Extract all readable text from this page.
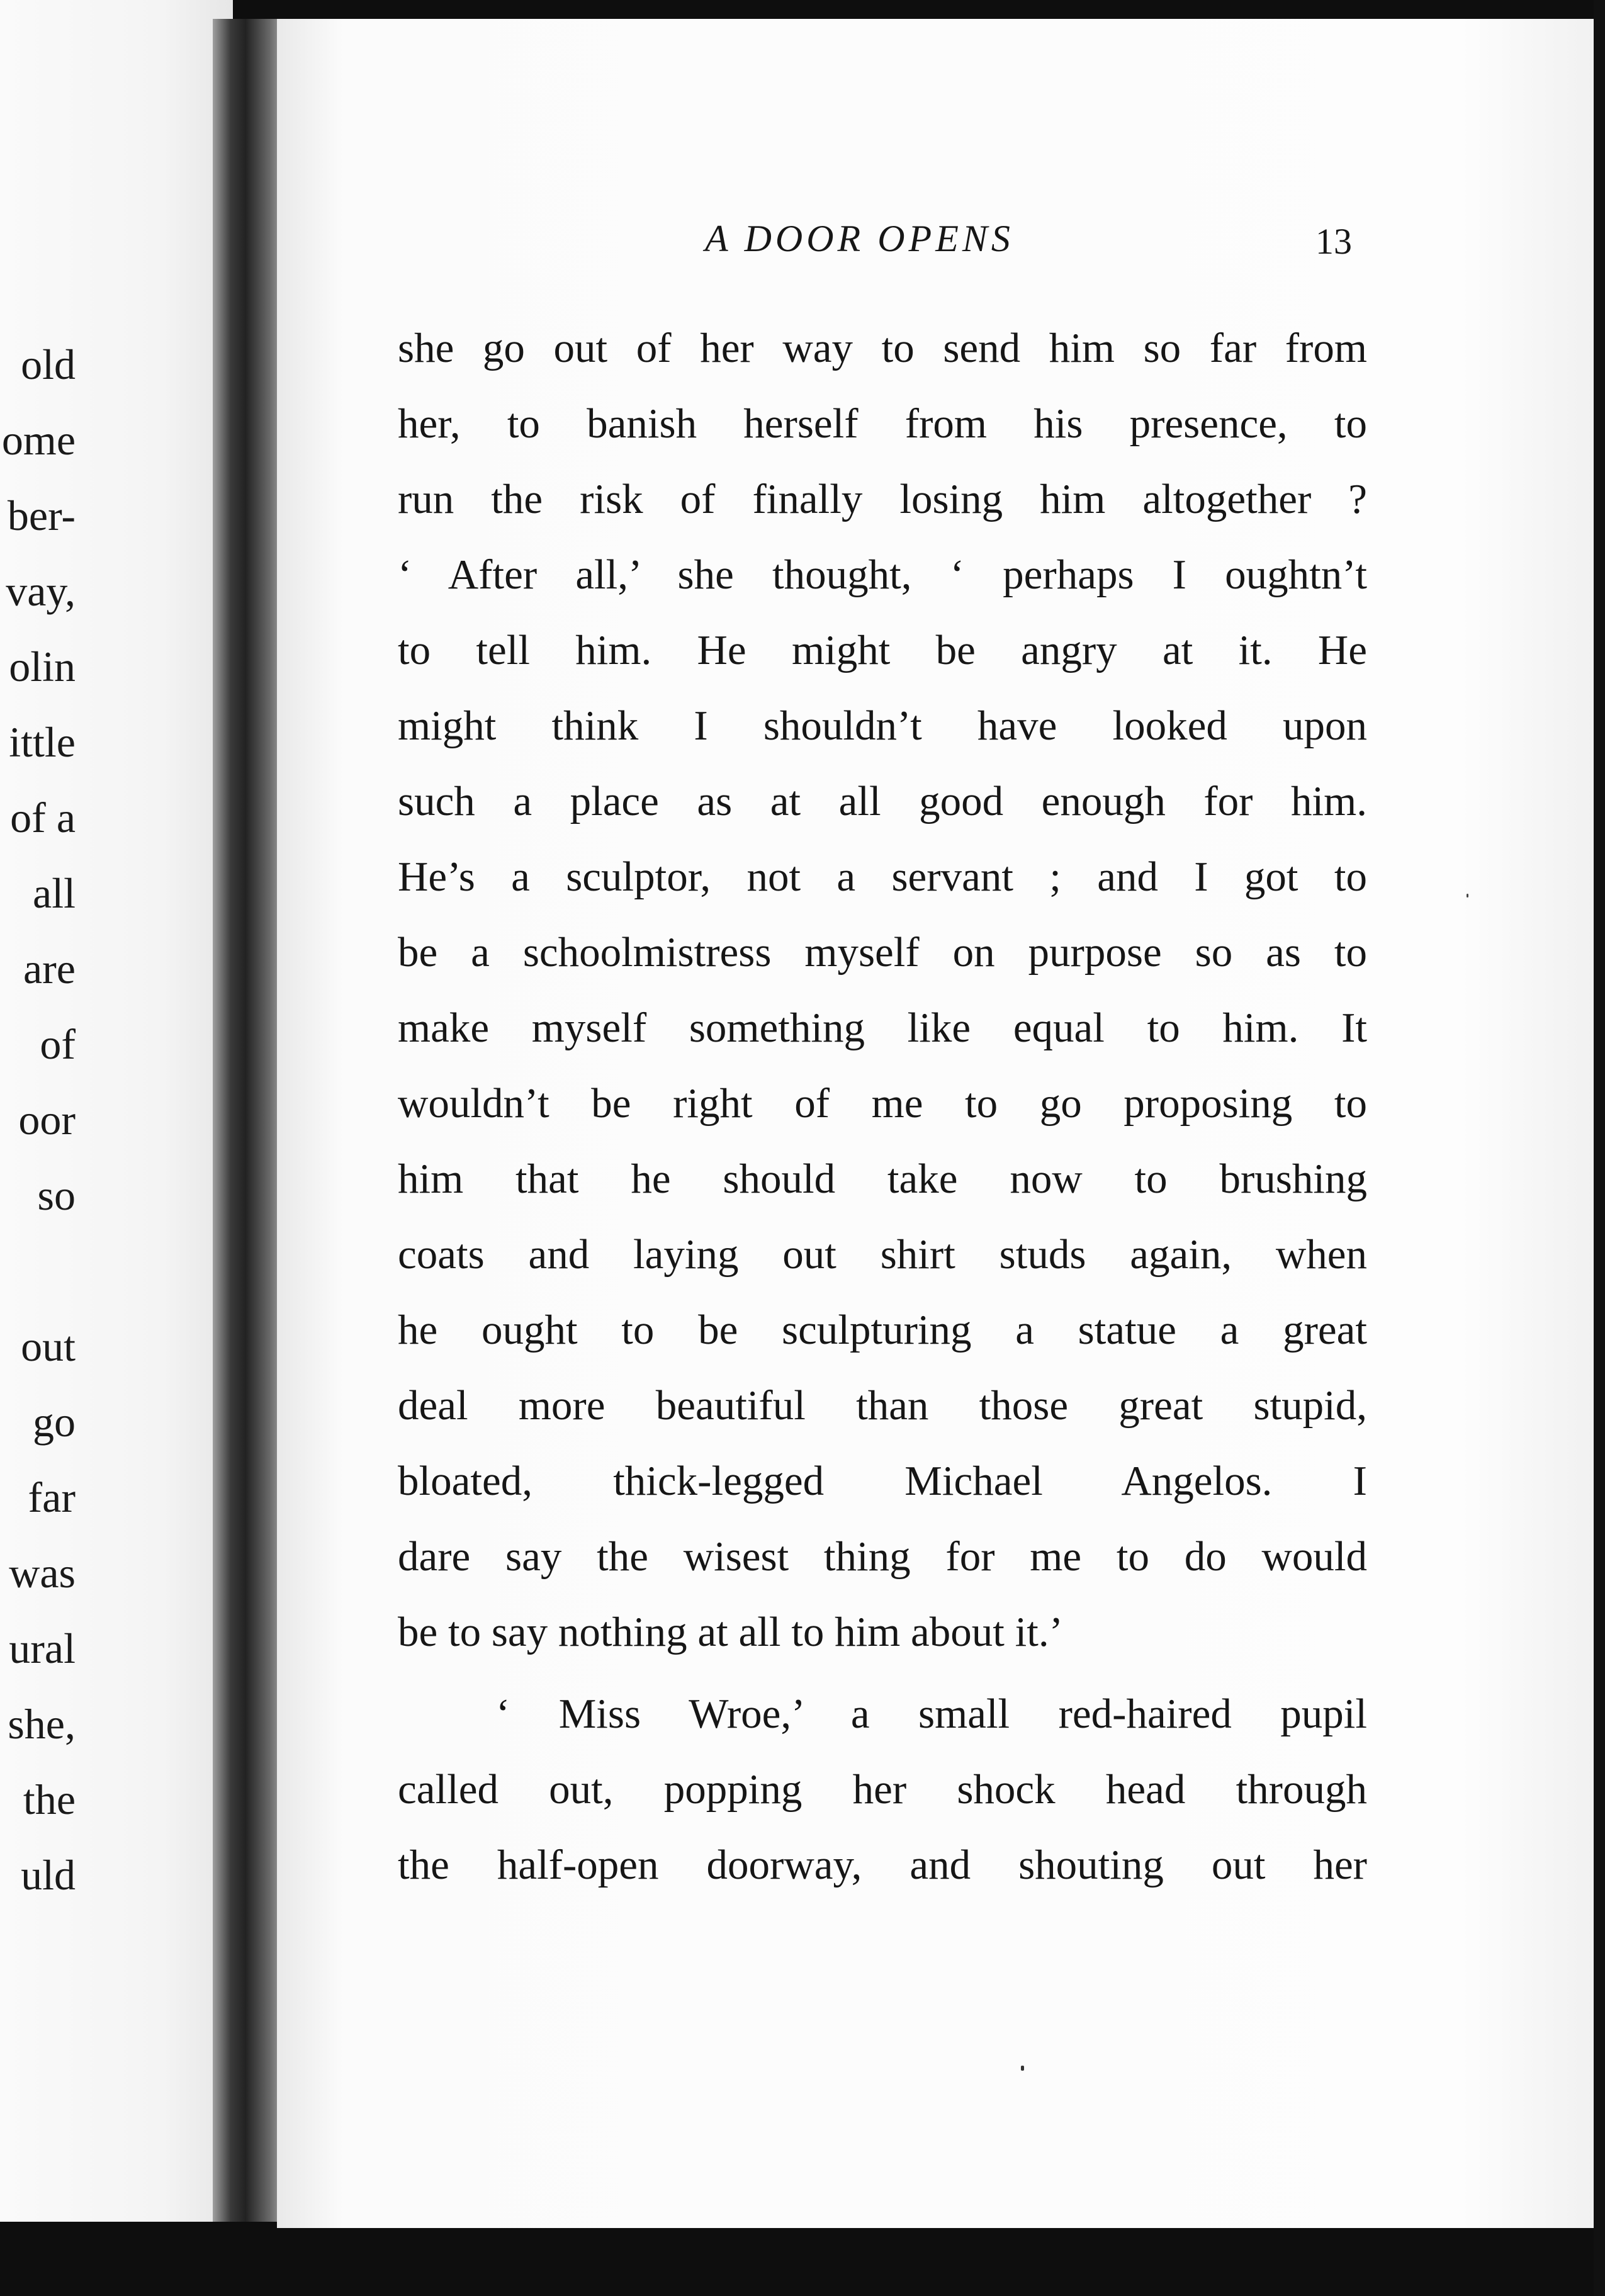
old
ome
ber-
vay,
olin
ittle
of a
all
are
of
oor
so
out
go
far
was
ural
she,
the
uld
A DOOR OPENS	13
she go out of her way to send him so far from
her, to banish herself from his presence, to
run the risk of finally losing him altogether ?
‘ After all,’ she thought, ‘ perhaps I oughtn’t
to tell him. He might be angry at it. He
might think I shouldn’t have looked upon
such a place as at all good enough for him.
He’s a sculptor, not a servant ; and I got to
be a schoolmistress myself on purpose so as to
make myself something like equal to him. It
wouldn’t be right of me to go proposing to
him that he should take now to brushing
coats and laying out shirt studs again, when
he ought to be sculpturing a statue a great
deal more beautiful than those great stupid,
bloated, thick-legged Michael Angelos. I
dare say the wisest thing for me to do would
be to say nothing at all to him about it.’
‘ Miss Wroe,’ a small red-haired pupil
called out, popping her shock head through
the half-open doorway, and shouting out her
